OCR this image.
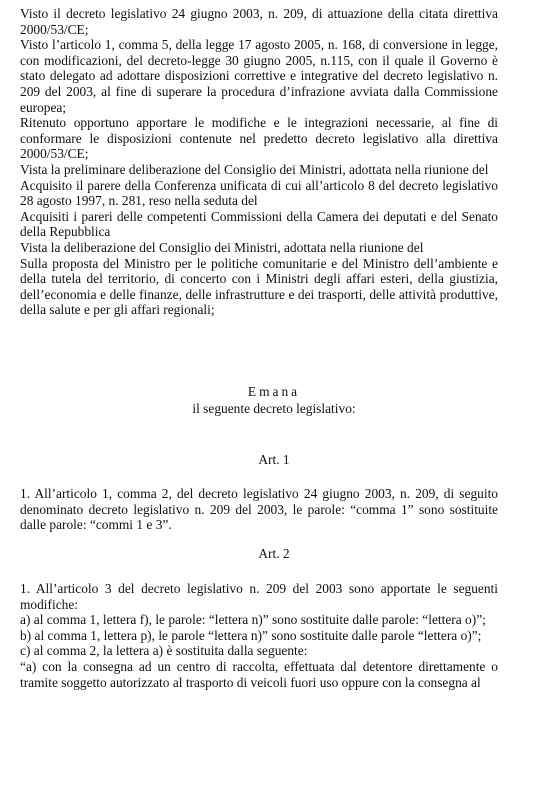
Visto il decreto legislativo 24 giugno 2003, n. 209, di attuazione della citata direttiva 2000/53/CE;

Visto l’articolo 1, comma 5, della legge 17 agosto 2005, n. 168, di conversione in legge, con modificazioni, del decreto-legge 30 giugno 2005, n.115, con il quale il Governo è stato delegato ad adottare disposizioni correttive e integrative del decreto legislativo n. 209 del 2003, al fine di superare la procedura d’infrazione avviata dalla Commissione europea;

Ritenuto opportuno apportare le modifiche e le integrazioni necessarie, al fine di conformare le disposizioni contenute nel predetto decreto legislativo alla direttiva 2000/53/CE;

Vista la preliminare deliberazione del Consiglio dei Ministri, adottata nella riunione del

Acquisito il parere della Conferenza unificata di cui all’articolo 8 del decreto legislativo 28 agosto 1997, n. 281, reso nella seduta del

Acquisiti i pareri delle competenti Commissioni della Camera dei deputati e del Senato della Repubblica

Vista la deliberazione del Consiglio dei Ministri, adottata nella riunione del

Sulla proposta del Ministro per le politiche comunitarie e del Ministro dell’ambiente e della tutela del territorio, di concerto con i Ministri degli affari esteri, della giustizia, dell’economia e delle finanze, delle infrastrutture e dei trasporti, delle attività produttive, della salute e per gli affari regionali;

Emana
il seguente decreto legislativo:
Art. 1

1. All’articolo 1, comma 2, del decreto legislativo 24 giugno 2003, n. 209, di seguito denominato decreto legislativo n. 209 del 2003, le parole: “comma 1” sono sostituite dalle parole: “commi 1 e 3”.

Art. 2

1. All’articolo 3 del decreto legislativo n. 209 del 2003 sono apportate le seguenti modifiche:

a) al comma 1, lettera f), le parole: “lettera n)” sono sostituite dalle parole: “lettera o)”;

b) al comma 1, lettera p), le parole “lettera n)” sono sostituite dalle parole “lettera o)”;

c) al comma 2, la lettera a) è sostituita dalla seguente:

“a) con la consegna ad un centro di raccolta, effettuata dal detentore direttamente o tramite soggetto autorizzato al trasporto di veicoli fuori uso oppure con la consegna al
